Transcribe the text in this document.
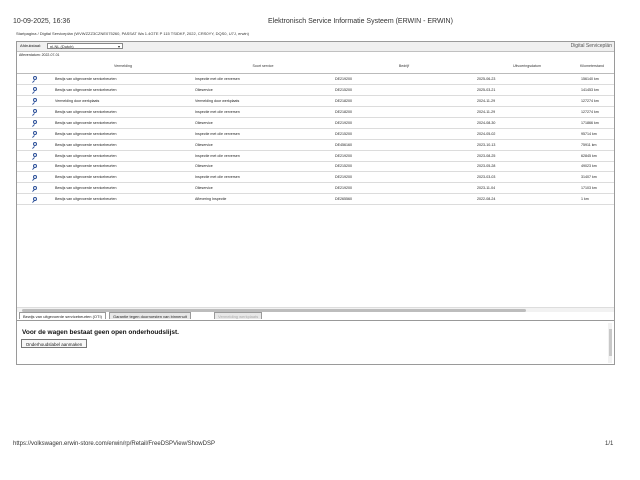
10-09-2025, 16:36	Elektronisch Service Informatie Systeem (ERWIN - ERWIN)
Startpagina / Digital Serviceplán (WVWZZZ3CZNE075260, PASSAT Wa 1.4GTE P 115 TSIDKF, 2022, CRS0YY, DQS0, U7J, erwin)
Afdrukstaal:	nl-NL (Dutch)	▾	Digital Serviceplán
Afleverdatum: 2022-07-01
	Vermelding	Soort service	Bedrijf	Uitvoeringsdatum	Kilometerstand
	Bewijs van uitgevoerde servicebeurten	Inspectie met olie verversen	DE219200	2025-06-23	156140 km
	Bewijs van uitgevoerde servicebeurten	Olieservice	DE215200	2025-03-21	141453 km
	Vermelding door werkplaats	Vermelding door werkplaats	DE218200	2024-11-29	127274 km
	Bewijs van uitgevoerde servicebeurten	Inspectie met olie verversen	DE218200	2024-11-29	127274 km
	Bewijs van uitgevoerde servicebeurten	Olieservice	DE219200	2024-08-30	171866 km
	Bewijs van uitgevoerde servicebeurten	Inspectie met olie verversen	DE215200	2024-05-02	95714 km
	Bewijs van uitgevoerde servicebeurten	Olieservice	DE456160	2023-10-13	75911 km
	Bewijs van uitgevoerde servicebeurten	Inspectie met olie verversen	DE219200	2023-08-25	62845 km
	Bewijs van uitgevoerde servicebeurten	Olieservice	DE215200	2023-05-28	49023 km
	Bewijs van uitgevoerde servicebeurten	Inspectie met olie verversen	DE219200	2023-03-03	31407 km
	Bewijs van uitgevoerde servicebeurten	Olieservice	DE219200	2023-11-04	17103 km
	Bewijs van uitgevoerde servicebeurten	Aflevering Inspectie	DE265560	2022-08-24	1 km
Bewijs van uitgevoerde servicebeurten (OTI)	Garantie tegen doorroesten van binnenuit	Vermelding werkplaats
Voor de wagen bestaat geen open onderhoudslijst.
Onderhoudslabel aanmaken
https://volkswagen.erwin-store.com/erwin/rp/Retail/FreeDSPView/ShowDSP	1/1
